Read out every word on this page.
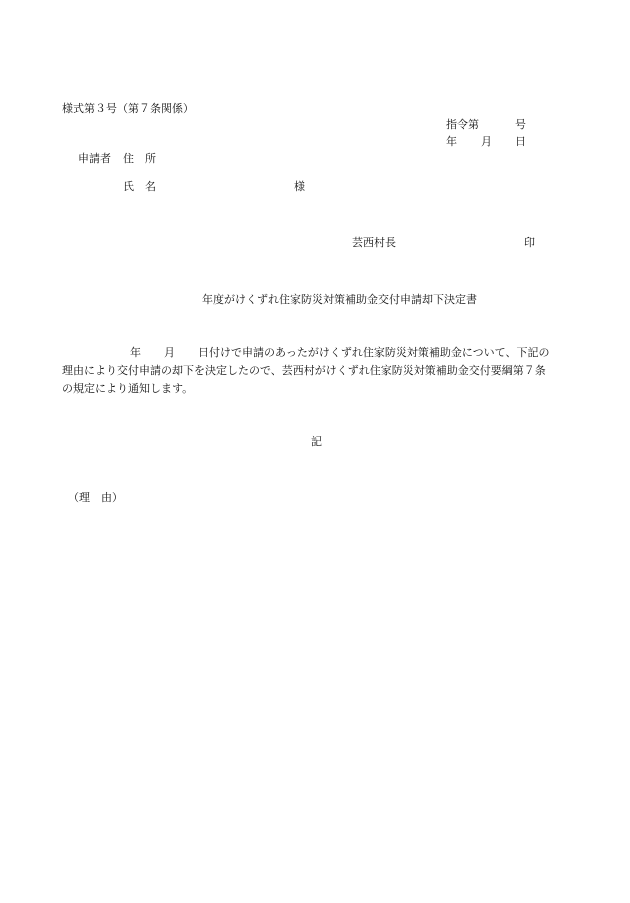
様式第３号（第７条関係）
指令第	号
年 月 日
申請者 住　所
氏　名	様
芸西村長	印
年度がけくずれ住家防災対策補助金交付申請却下決定書
年 月 日付けで申請のあったがけくずれ住家防災対策補助金について、下記の
理由により交付申請の却下を決定したので、芸西村がけくずれ住家防災対策補助金交付要綱第７条
の規定により通知します。
記
（理　由）
